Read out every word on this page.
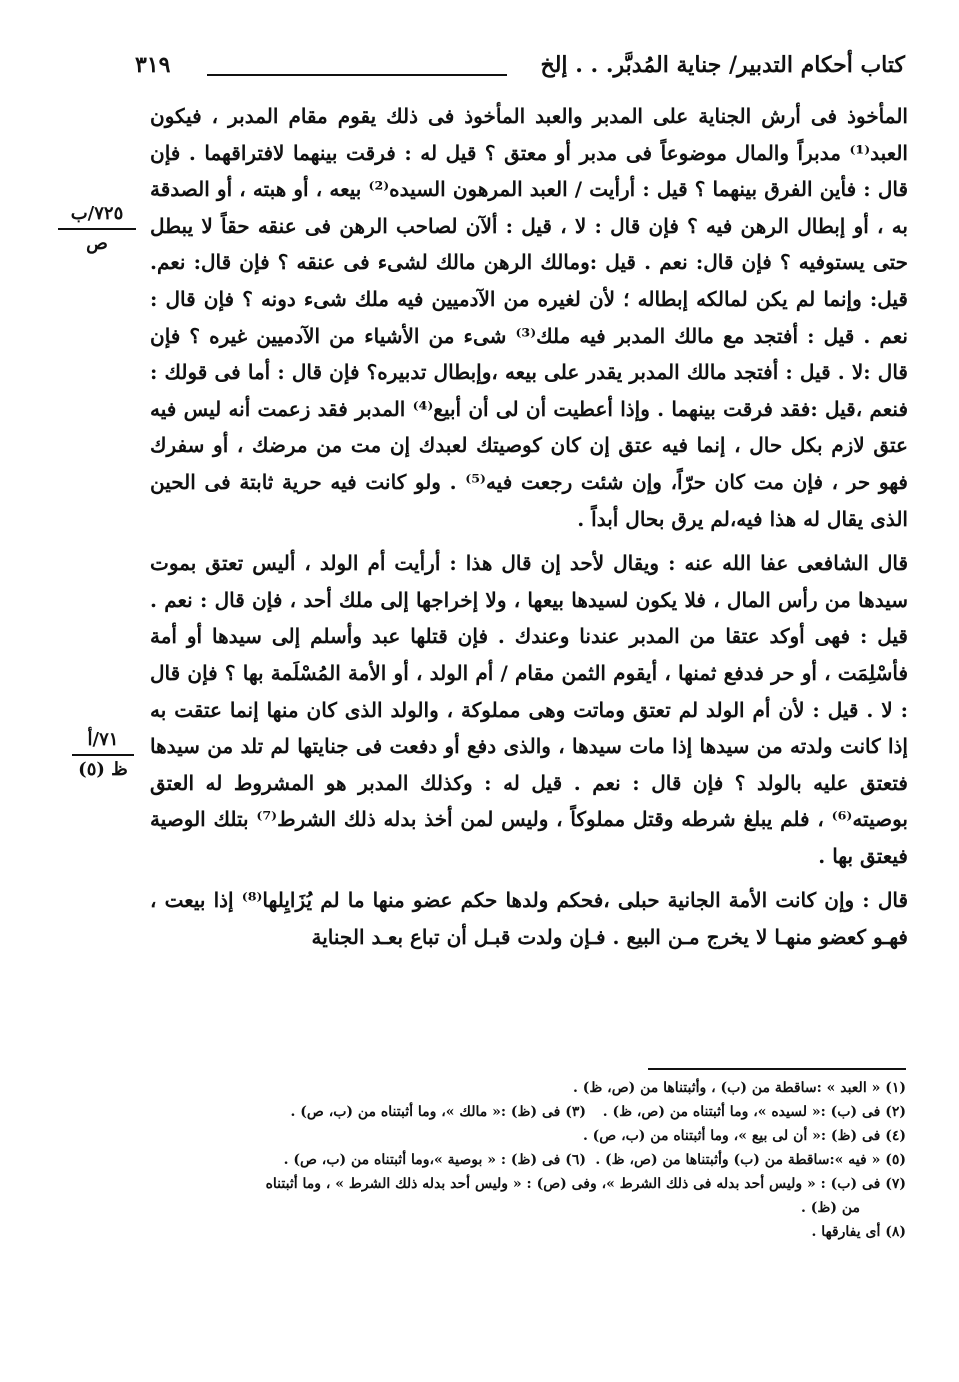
كتاب أحكام التدبير/ جناية المُدبَّر. . . إلخ
٣١٩
٧٢٥/ب
ص
٧١/أ
ظ (٥)

المأخوذ فى أرش الجناية على المدبر والعبد المأخوذ فى ذلك يقوم مقام المدبر ، فيكون العبد⁽¹⁾ مدبراً والمال موضوعاً فى مدبر أو معتق ؟ قيل له : فرقت بينهما لافتراقهما . فإن قال : فأين الفرق بينهما ؟ قيل : أرأيت / العبد المرهون السيده⁽²⁾ بيعه ، أو هبته ، أو الصدقة به ، أو إبطال الرهن فيه ؟ فإن قال : لا ، قيل : ألآن لصاحب الرهن فى عنقه حقاً لا يبطل حتى يستوفيه ؟ فإن قال: نعم . قيل :ومالك الرهن مالك لشىء فى عنقه ؟ فإن قال: نعم. قيل: وإنما لم يكن لمالكه إبطاله ؛ لأن لغيره من الآدميين فيه ملك شىء دونه ؟ فإن قال : نعم . قيل : أفتجد مع مالك المدبر فيه ملك⁽³⁾ شىء من الأشياء من الآدميين غيره ؟ فإن قال :لا . قيل : أفتجد مالك المدبر يقدر على بيعه ،وإبطال تدبيره؟ فإن قال : أما فى قولك : فنعم ،قيل :فقد فرقت بينهما . وإذا أعطيت أن لى أن أبيع⁽⁴⁾ المدبر فقد زعمت أنه ليس فيه عتق لازم بكل حال ، إنما فيه عتق إن كان كوصيتك لعبدك إن مت من مرضك ، أو سفرك فهو حر ، فإن مت كان حرّاً، وإن شئت رجعت فيه⁽⁵⁾ . ولو كانت فيه حرية ثابتة فى الحين الذى يقال له هذا فيه،لم يرق بحال أبداً .

قال الشافعى عفا الله عنه : ويقال لأحد إن قال هذا : أرأيت أم الولد ، أليس تعتق بموت سيدها من رأس المال ، فلا يكون لسيدها بيعها ، ولا إخراجها إلى ملك أحد ، فإن قال : نعم . قيل : فهى أوكد عتقا من المدبر عندنا وعندك . فإن قتلها عبد وأسلم إلى سيدها أو أمة فأسْلِمَت ، أو حر فدفع ثمنها ، أيقوم الثمن مقام / أم الولد ، أو الأمة المُسْلَمة بها ؟ فإن قال : لا . قيل : لأن أم الولد لم تعتق وماتت وهى مملوكة ، والولد الذى كان منها إنما عتقت به إذا كانت ولدته من سيدها إذا مات سيدها ، والذى دفع أو دفعت فى جنايتها لم تلد من سيدها فتعتق عليه بالولد ؟ فإن قال : نعم . قيل له : وكذلك المدبر هو المشروط له العتق بوصيته⁽⁶⁾ ، فلم يبلغ شرطه وقتل مملوكاً ، وليس لمن أخذ بدله ذلك الشرط⁽⁷⁾ بتلك الوصية فيعتق بها .

قال : وإن كانت الأمة الجانية حبلى ،فحكم ولدها حكم عضو منها ما لم يُزَايِلها⁽⁸⁾ إذا بيعت ، فهـو كعضو منهـا لا يخرج مـن البيع . فـإن ولدت قبـل أن تباع بعـد الجناية

(١) « العبد » :ساقطة من (ب) ، وأثبتناها من (ص، ظ) .
(٢) فى (ب) :« لسيده »، وما أثبتناه من (ص، ظ) .
(٣) فى (ظ) :« مالك »، وما أثبتناه من (ب، ص) .
(٤) فى (ظ) :« أن لى بيع »، وما أثبتناه من (ب، ص) .
(٥) « فيه »:ساقطة من (ب) وأثبتناها من (ص، ظ) .
(٦) فى (ظ) : « بوصية »،وما أثبتناه من (ب، ص) .
(٧) فى (ب) : « وليس أحد بدله فى ذلك الشرط »، وفى (ص) : « وليس أحد بدله ذلك الشرط » ، وما أثبتناه
من (ظ) .
(٨) أى يفارقها .
